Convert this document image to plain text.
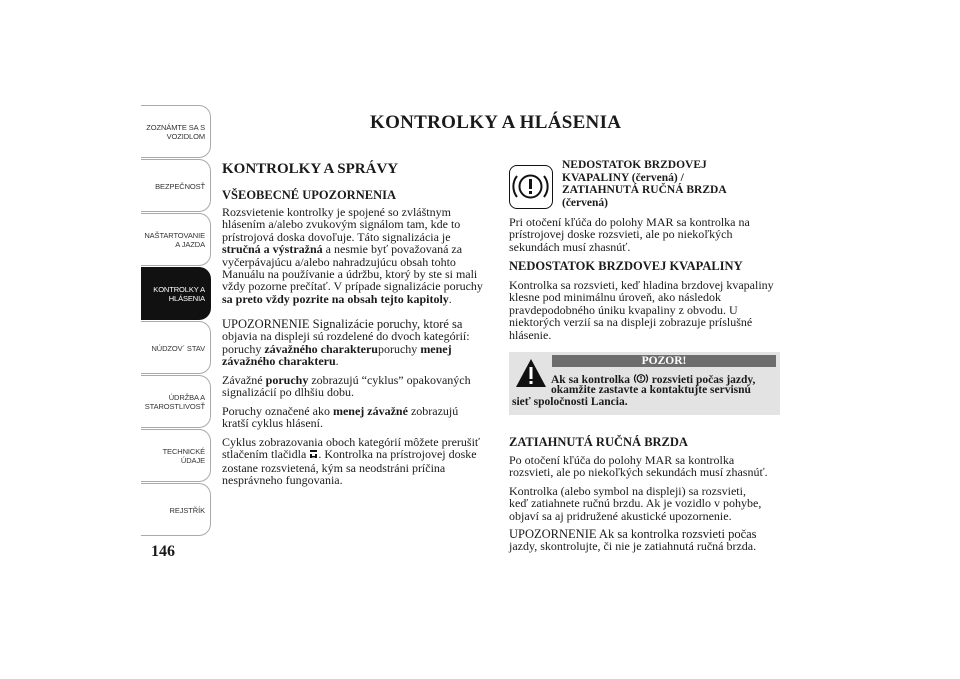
ZOZNÁMTE SA S
VOZIDLOM
BEZPEČNOSŤ
NAŠTARTOVANIE
A JAZDA
KONTROLKY A
HLÁSENIA
NÚDZOV´ STAV
ÚDRŽBA A
STAROSTLIVOSŤ
TECHNICKÉ
ÚDAJE
REJSTŘÍK
146
KONTROLKY A HLÁSENIA
KONTROLKY A SPRÁVY
VŠEOBECNÉ UPOZORNENIA

Rozsvietenie kontrolky je spojené so zvláštnym

hlásením a/alebo zvukovým signálom tam, kde to

prístrojová doska dovoľuje. Táto signalizácia je

stručná a výstražná a nesmie byť považovaná za

vyčerpávajúcu a/alebo nahradzujúcu obsah tohto

Manuálu na používanie a údržbu, ktorý by ste si mali

vždy pozorne prečítať. V prípade signalizácie poruchy

sa preto vždy pozrite na obsah tejto kapitoly.

UPOZORNENIE Signalizácie poruchy, ktoré sa

objavia na displeji sú rozdelené do dvoch kategórií:

poruchy závažného charakteruporuchy menej

závažného charakteru.

Závažné poruchy zobrazujú “cyklus” opakovaných

signalizácií po dlhšiu dobu.

Poruchy označené ako menej závažné zobrazujú

kratší cyklus hlásení.

Cyklus zobrazovania oboch kategórií môžete prerušiť

stlačením tlačidla . Kontrolka na prístrojovej doske

zostane rozsvietená, kým sa neodstráni príčina

nesprávneho fungovania.

NEDOSTATOK BRZDOVEJ
KVAPALINY (červená) /
ZATIAHNUTÁ RUČNÁ BRZDA
(červená)

Pri otočení kľúča do polohy MAR sa kontrolka na

prístrojovej doske rozsvieti, ale po niekoľkých

sekundách musí zhasnúť.

NEDOSTATOK BRZDOVEJ KVAPALINY

Kontrolka sa rozsvieti, keď hladina brzdovej kvapaliny

klesne pod minimálnu úroveň, ako následok

pravdepodobného úniku kvapaliny z obvodu. U

niektorých verzií sa na displeji zobrazuje príslušné

hlásenie.

POZOR!
Ak sa kontrolka  rozsvieti počas jazdy,
okamžite zastavte a kontaktujte servisnú
sieť spoločnosti Lancia.
ZATIAHNUTÁ RUČNÁ BRZDA

Po otočení kľúča do polohy MAR sa kontrolka

rozsvieti, ale po niekoľkých sekundách musí zhasnúť.

Kontrolka (alebo symbol na displeji) sa rozsvieti,

keď zatiahnete ručnú brzdu. Ak je vozidlo v pohybe,

objaví sa aj pridružené akustické upozornenie.

UPOZORNENIE Ak sa kontrolka rozsvieti počas

jazdy, skontrolujte, či nie je zatiahnutá ručná brzda.
